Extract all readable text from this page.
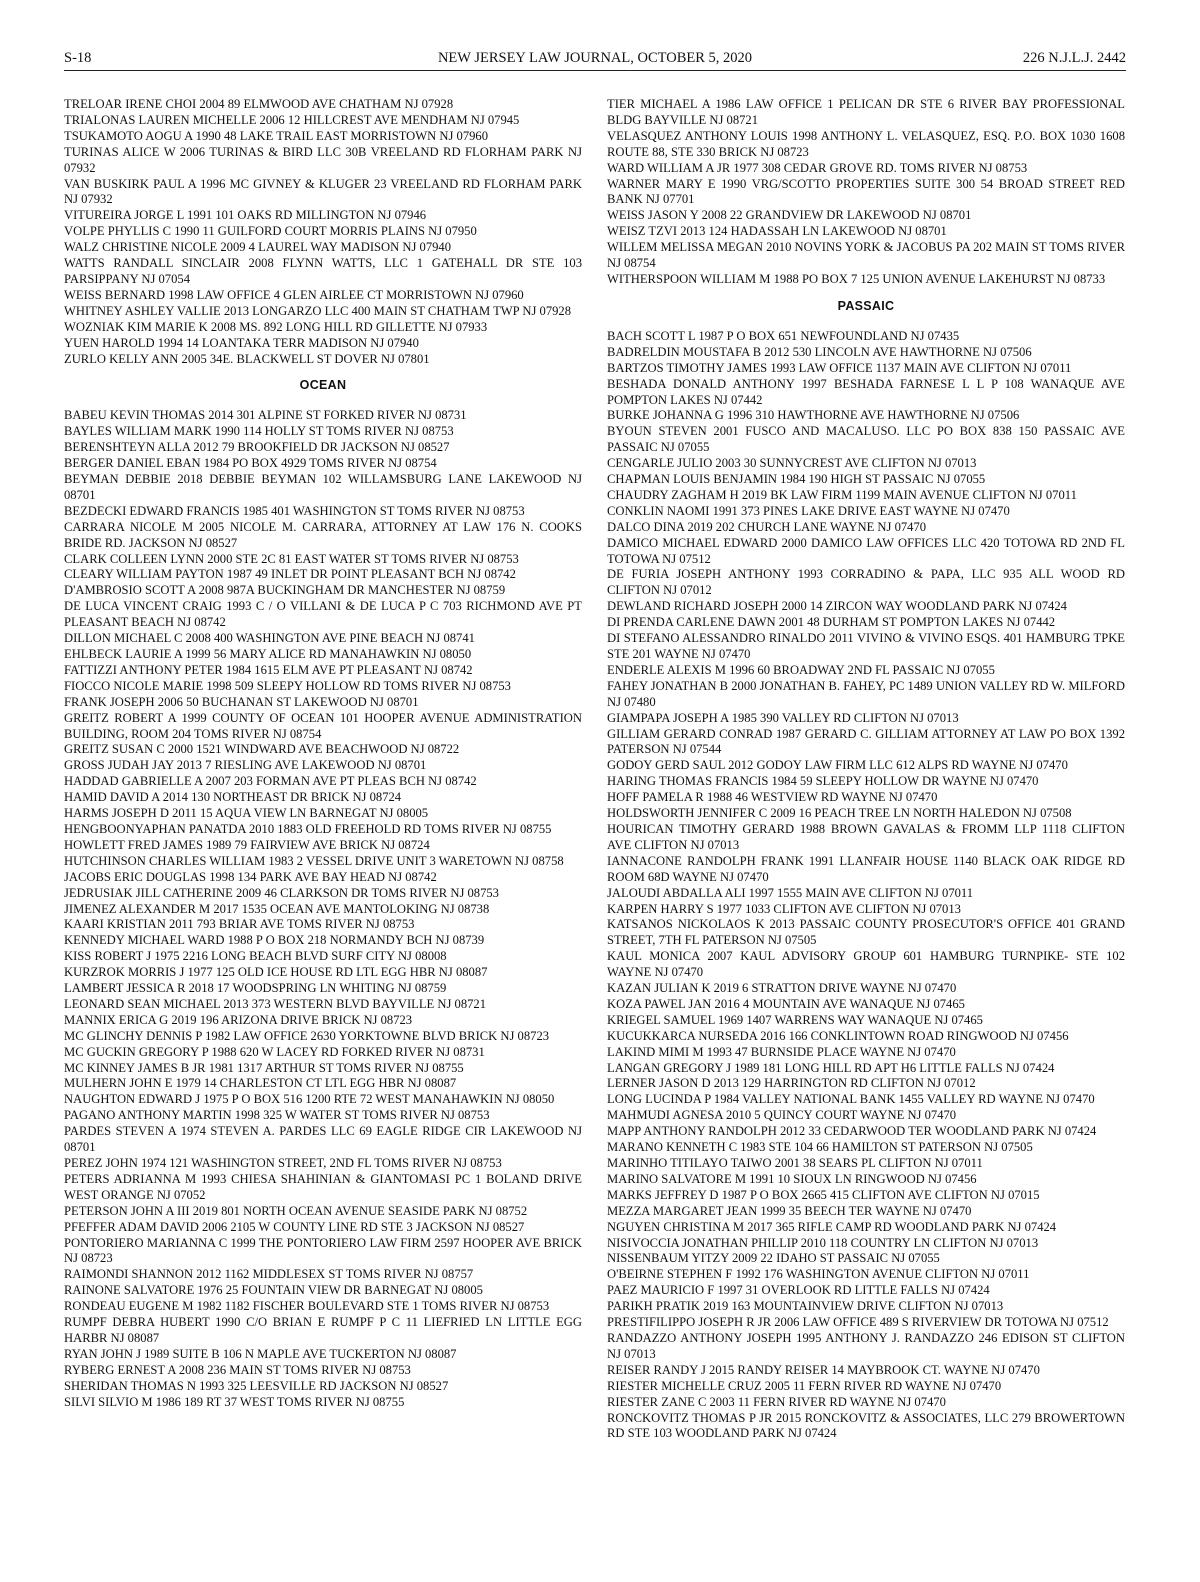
S-18	NEW JERSEY LAW JOURNAL, OCTOBER 5, 2020	226 N.J.L.J. 2442

TRELOAR IRENE CHOI 2004 89 ELMWOOD AVE CHATHAM NJ 07928

TRIALONAS LAUREN MICHELLE 2006 12 HILLCREST AVE MENDHAM NJ 07945

TSUKAMOTO AOGU A 1990 48 LAKE TRAIL EAST MORRISTOWN NJ 07960

TURINAS ALICE W 2006 TURINAS & BIRD LLC 30B VREELAND RD FLORHAM PARK NJ 07932

VAN BUSKIRK PAUL A 1996 MC GIVNEY & KLUGER 23 VREELAND RD FLORHAM PARK NJ 07932

VITUREIRA JORGE L 1991 101 OAKS RD MILLINGTON NJ 07946

VOLPE PHYLLIS C 1990 11 GUILFORD COURT MORRIS PLAINS NJ 07950

WALZ CHRISTINE NICOLE 2009 4 LAUREL WAY MADISON NJ 07940

WATTS RANDALL SINCLAIR 2008 FLYNN WATTS, LLC 1 GATEHALL DR STE 103 PARSIPPANY NJ 07054

WEISS BERNARD 1998 LAW OFFICE 4 GLEN AIRLEE CT MORRISTOWN NJ 07960

WHITNEY ASHLEY VALLIE 2013 LONGARZO LLC 400 MAIN ST CHATHAM TWP NJ 07928

WOZNIAK KIM MARIE K 2008 MS. 892 LONG HILL RD GILLETTE NJ 07933

YUEN HAROLD 1994 14 LOANTAKA TERR MADISON NJ 07940

ZURLO KELLY ANN 2005 34E. BLACKWELL ST DOVER NJ 07801

OCEAN

BABEU KEVIN THOMAS 2014 301 ALPINE ST FORKED RIVER NJ 08731

BAYLES WILLIAM MARK 1990 114 HOLLY ST TOMS RIVER NJ 08753

BERENSHTEYN ALLA 2012 79 BROOKFIELD DR JACKSON NJ 08527

BERGER DANIEL EBAN 1984 PO BOX 4929 TOMS RIVER NJ 08754

BEYMAN DEBBIE 2018 DEBBIE BEYMAN 102 WILLAMSBURG LANE LAKEWOOD NJ 08701

BEZDECKI EDWARD FRANCIS 1985 401 WASHINGTON ST TOMS RIVER NJ 08753

CARRARA NICOLE M 2005 NICOLE M. CARRARA, ATTORNEY AT LAW 176 N. COOKS BRIDE RD. JACKSON NJ 08527

CLARK COLLEEN LYNN 2000 STE 2C 81 EAST WATER ST TOMS RIVER NJ 08753

CLEARY WILLIAM PAYTON 1987 49 INLET DR POINT PLEASANT BCH NJ 08742

D'AMBROSIO SCOTT A 2008 987A BUCKINGHAM DR MANCHESTER NJ 08759

DE LUCA VINCENT CRAIG 1993 C / O VILLANI & DE LUCA P C 703 RICHMOND AVE PT PLEASANT BEACH NJ 08742

DILLON MICHAEL C 2008 400 WASHINGTON AVE PINE BEACH NJ 08741

EHLBECK LAURIE A 1999 56 MARY ALICE RD MANAHAWKIN NJ 08050

FATTIZZI ANTHONY PETER 1984 1615 ELM AVE PT PLEASANT NJ 08742

FIOCCO NICOLE MARIE 1998 509 SLEEPY HOLLOW RD TOMS RIVER NJ 08753

FRANK JOSEPH 2006 50 BUCHANAN ST LAKEWOOD NJ 08701

GREITZ ROBERT A 1999 COUNTY OF OCEAN 101 HOOPER AVENUE ADMINISTRATION BUILDING, ROOM 204 TOMS RIVER NJ 08754

GREITZ SUSAN C 2000 1521 WINDWARD AVE BEACHWOOD NJ 08722

GROSS JUDAH JAY 2013 7 RIESLING AVE LAKEWOOD NJ 08701

HADDAD GABRIELLE A 2007 203 FORMAN AVE PT PLEAS BCH NJ 08742

HAMID DAVID A 2014 130 NORTHEAST DR BRICK NJ 08724

HARMS JOSEPH D 2011 15 AQUA VIEW LN BARNEGAT NJ 08005

HENGBOONYAPHAN PANATDA 2010 1883 OLD FREEHOLD RD TOMS RIVER NJ 08755

HOWLETT FRED JAMES 1989 79 FAIRVIEW AVE BRICK NJ 08724

HUTCHINSON CHARLES WILLIAM 1983 2 VESSEL DRIVE UNIT 3 WARETOWN NJ 08758

JACOBS ERIC DOUGLAS 1998 134 PARK AVE BAY HEAD NJ 08742

JEDRUSIAK JILL CATHERINE 2009 46 CLARKSON DR TOMS RIVER NJ 08753

JIMENEZ ALEXANDER M 2017 1535 OCEAN AVE MANTOLOKING NJ 08738

KAARI KRISTIAN 2011 793 BRIAR AVE TOMS RIVER NJ 08753

KENNEDY MICHAEL WARD 1988 P O BOX 218 NORMANDY BCH NJ 08739

KISS ROBERT J 1975 2216 LONG BEACH BLVD SURF CITY NJ 08008

KURZROK MORRIS J 1977 125 OLD ICE HOUSE RD LTL EGG HBR NJ 08087

LAMBERT JESSICA R 2018 17 WOODSPRING LN WHITING NJ 08759

LEONARD SEAN MICHAEL 2013 373 WESTERN BLVD BAYVILLE NJ 08721

MANNIX ERICA G 2019 196 ARIZONA DRIVE BRICK NJ 08723

MC GLINCHY DENNIS P 1982 LAW OFFICE 2630 YORKTOWNE BLVD BRICK NJ 08723

MC GUCKIN GREGORY P 1988 620 W LACEY RD FORKED RIVER NJ 08731

MC KINNEY JAMES B JR 1981 1317 ARTHUR ST TOMS RIVER NJ 08755

MULHERN JOHN E 1979 14 CHARLESTON CT LTL EGG HBR NJ 08087

NAUGHTON EDWARD J 1975 P O BOX 516 1200 RTE 72 WEST MANAHAWKIN NJ 08050

PAGANO ANTHONY MARTIN 1998 325 W WATER ST TOMS RIVER NJ 08753

PARDES STEVEN A 1974 STEVEN A. PARDES LLC 69 EAGLE RIDGE CIR LAKEWOOD NJ 08701

PEREZ JOHN 1974 121 WASHINGTON STREET, 2ND FL TOMS RIVER NJ 08753

PETERS ADRIANNA M 1993 CHIESA SHAHINIAN & GIANTOMASI PC 1 BOLAND DRIVE WEST ORANGE NJ 07052

PETERSON JOHN A III 2019 801 NORTH OCEAN AVENUE SEASIDE PARK NJ 08752

PFEFFER ADAM DAVID 2006 2105 W COUNTY LINE RD STE 3 JACKSON NJ 08527

PONTORIERO MARIANNA C 1999 THE PONTORIERO LAW FIRM 2597 HOOPER AVE BRICK NJ 08723

RAIMONDI SHANNON 2012 1162 MIDDLESEX ST TOMS RIVER NJ 08757

RAINONE SALVATORE 1976 25 FOUNTAIN VIEW DR BARNEGAT NJ 08005

RONDEAU EUGENE M 1982 1182 FISCHER BOULEVARD STE 1 TOMS RIVER NJ 08753

RUMPF DEBRA HUBERT 1990 C/O BRIAN E RUMPF P C 11 LIEFRIED LN LITTLE EGG HARBR NJ 08087

RYAN JOHN J 1989 SUITE B 106 N MAPLE AVE TUCKERTON NJ 08087

RYBERG ERNEST A 2008 236 MAIN ST TOMS RIVER NJ 08753

SHERIDAN THOMAS N 1993 325 LEESVILLE RD JACKSON NJ 08527

SILVI SILVIO M 1986 189 RT 37 WEST TOMS RIVER NJ 08755

TIER MICHAEL A 1986 LAW OFFICE 1 PELICAN DR STE 6 RIVER BAY PROFESSIONAL BLDG BAYVILLE NJ 08721

VELASQUEZ ANTHONY LOUIS 1998 ANTHONY L. VELASQUEZ, ESQ. P.O. BOX 1030 1608 ROUTE 88, STE 330 BRICK NJ 08723

WARD WILLIAM A JR 1977 308 CEDAR GROVE RD. TOMS RIVER NJ 08753

WARNER MARY E 1990 VRG/SCOTTO PROPERTIES SUITE 300 54 BROAD STREET RED BANK NJ 07701

WEISS JASON Y 2008 22 GRANDVIEW DR LAKEWOOD NJ 08701

WEISZ TZVI 2013 124 HADASSAH LN LAKEWOOD NJ 08701

WILLEM MELISSA MEGAN 2010 NOVINS YORK & JACOBUS PA 202 MAIN ST TOMS RIVER NJ 08754

WITHERSPOON WILLIAM M 1988 PO BOX 7 125 UNION AVENUE LAKEHURST NJ 08733

PASSAIC

BACH SCOTT L 1987 P O BOX 651 NEWFOUNDLAND NJ 07435

BADRELDIN MOUSTAFA B 2012 530 LINCOLN AVE HAWTHORNE NJ 07506

BARTZOS TIMOTHY JAMES 1993 LAW OFFICE 1137 MAIN AVE CLIFTON NJ 07011

BESHADA DONALD ANTHONY 1997 BESHADA FARNESE L L P 108 WANAQUE AVE POMPTON LAKES NJ 07442

BURKE JOHANNA G 1996 310 HAWTHORNE AVE HAWTHORNE NJ 07506

BYOUN STEVEN 2001 FUSCO AND MACALUSO. LLC PO BOX 838 150 PASSAIC AVE PASSAIC NJ 07055

CENGARLE JULIO 2003 30 SUNNYCREST AVE CLIFTON NJ 07013

CHAPMAN LOUIS BENJAMIN 1984 190 HIGH ST PASSAIC NJ 07055

CHAUDRY ZAGHAM H 2019 BK LAW FIRM 1199 MAIN AVENUE CLIFTON NJ 07011

CONKLIN NAOMI 1991 373 PINES LAKE DRIVE EAST WAYNE NJ 07470

DALCO DINA 2019 202 CHURCH LANE WAYNE NJ 07470

DAMICO MICHAEL EDWARD 2000 DAMICO LAW OFFICES LLC 420 TOTOWA RD 2ND FL TOTOWA NJ 07512

DE FURIA JOSEPH ANTHONY 1993 CORRADINO & PAPA, LLC 935 ALL WOOD RD CLIFTON NJ 07012

DEWLAND RICHARD JOSEPH 2000 14 ZIRCON WAY WOODLAND PARK NJ 07424

DI PRENDA CARLENE DAWN 2001 48 DURHAM ST POMPTON LAKES NJ 07442

DI STEFANO ALESSANDRO RINALDO 2011 VIVINO & VIVINO ESQS. 401 HAMBURG TPKE STE 201 WAYNE NJ 07470

ENDERLE ALEXIS M 1996 60 BROADWAY 2ND FL PASSAIC NJ 07055

FAHEY JONATHAN B 2000 JONATHAN B. FAHEY, PC 1489 UNION VALLEY RD W. MILFORD NJ 07480

GIAMPAPA JOSEPH A 1985 390 VALLEY RD CLIFTON NJ 07013

GILLIAM GERARD CONRAD 1987 GERARD C. GILLIAM ATTORNEY AT LAW PO BOX 1392 PATERSON NJ 07544

GODOY GERD SAUL 2012 GODOY LAW FIRM LLC 612 ALPS RD WAYNE NJ 07470

HARING THOMAS FRANCIS 1984 59 SLEEPY HOLLOW DR WAYNE NJ 07470

HOFF PAMELA R 1988 46 WESTVIEW RD WAYNE NJ 07470

HOLDSWORTH JENNIFER C 2009 16 PEACH TREE LN NORTH HALEDON NJ 07508

HOURICAN TIMOTHY GERARD 1988 BROWN GAVALAS & FROMM LLP 1118 CLIFTON AVE CLIFTON NJ 07013

IANNACONE RANDOLPH FRANK 1991 LLANFAIR HOUSE 1140 BLACK OAK RIDGE RD ROOM 68D WAYNE NJ 07470

JALOUDI ABDALLA ALI 1997 1555 MAIN AVE CLIFTON NJ 07011

KARPEN HARRY S 1977 1033 CLIFTON AVE CLIFTON NJ 07013

KATSANOS NICKOLAOS K 2013 PASSAIC COUNTY PROSECUTOR'S OFFICE 401 GRAND STREET, 7TH FL PATERSON NJ 07505

KAUL MONICA 2007 KAUL ADVISORY GROUP 601 HAMBURG TURNPIKE- STE 102 WAYNE NJ 07470

KAZAN JULIAN K 2019 6 STRATTON DRIVE WAYNE NJ 07470

KOZA PAWEL JAN 2016 4 MOUNTAIN AVE WANAQUE NJ 07465

KRIEGEL SAMUEL 1969 1407 WARRENS WAY WANAQUE NJ 07465

KUCUKKARCA NURSEDA 2016 166 CONKLINTOWN ROAD RINGWOOD NJ 07456

LAKIND MIMI M 1993 47 BURNSIDE PLACE WAYNE NJ 07470

LANGAN GREGORY J 1989 181 LONG HILL RD APT H6 LITTLE FALLS NJ 07424

LERNER JASON D 2013 129 HARRINGTON RD CLIFTON NJ 07012

LONG LUCINDA P 1984 VALLEY NATIONAL BANK 1455 VALLEY RD WAYNE NJ 07470

MAHMUDI AGNESA 2010 5 QUINCY COURT WAYNE NJ 07470

MAPP ANTHONY RANDOLPH 2012 33 CEDARWOOD TER WOODLAND PARK NJ 07424

MARANO KENNETH C 1983 STE 104 66 HAMILTON ST PATERSON NJ 07505

MARINHO TITILAYO TAIWO 2001 38 SEARS PL CLIFTON NJ 07011

MARINO SALVATORE M 1991 10 SIOUX LN RINGWOOD NJ 07456

MARKS JEFFREY D 1987 P O BOX 2665 415 CLIFTON AVE CLIFTON NJ 07015

MEZZA MARGARET JEAN 1999 35 BEECH TER WAYNE NJ 07470

NGUYEN CHRISTINA M 2017 365 RIFLE CAMP RD WOODLAND PARK NJ 07424

NISIVOCCIA JONATHAN PHILLIP 2010 118 COUNTRY LN CLIFTON NJ 07013

NISSENBAUM YITZY 2009 22 IDAHO ST PASSAIC NJ 07055

O'BEIRNE STEPHEN F 1992 176 WASHINGTON AVENUE CLIFTON NJ 07011

PAEZ MAURICIO F 1997 31 OVERLOOK RD LITTLE FALLS NJ 07424

PARIKH PRATIK 2019 163 MOUNTAINVIEW DRIVE CLIFTON NJ 07013

PRESTIFILIPPO JOSEPH R JR 2006 LAW OFFICE 489 S RIVERVIEW DR TOTOWA NJ 07512

RANDAZZO ANTHONY JOSEPH 1995 ANTHONY J. RANDAZZO 246 EDISON ST CLIFTON NJ 07013

REISER RANDY J 2015 RANDY REISER 14 MAYBROOK CT. WAYNE NJ 07470

RIESTER MICHELLE CRUZ 2005 11 FERN RIVER RD WAYNE NJ 07470

RIESTER ZANE C 2003 11 FERN RIVER RD WAYNE NJ 07470

RONCKOVITZ THOMAS P JR 2015 RONCKOVITZ & ASSOCIATES, LLC 279 BROWERTOWN RD STE 103 WOODLAND PARK NJ 07424
